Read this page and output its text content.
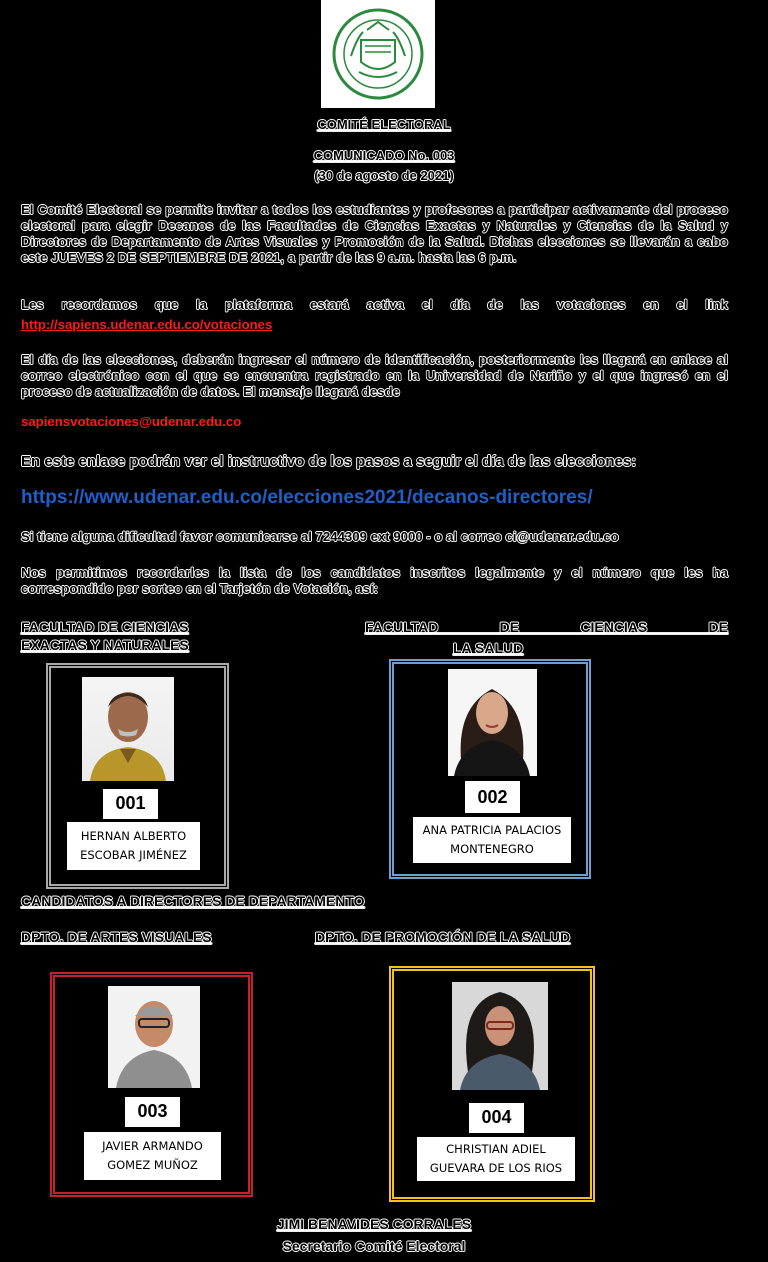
COMITÉ ELECTORAL
COMUNICADO No. 003
(30 de agosto de 2021)
El Comité Electoral se permite invitar a todos los estudiantes y profesores a participar activamente del proceso electoral para elegir Decanos de las Facultades de Ciencias Exactas y Naturales y Ciencias de la Salud y Directores de Departamento de Artes Visuales y Promoción de la Salud. Dichas elecciones se llevarán a cabo este JUEVES 2 DE SEPTIEMBRE DE 2021, a partir de las 9 a.m. hasta las 6 p.m.
Les recordamos que la plataforma estará activa el día de las votaciones en el link
http://sapiens.udenar.edu.co/votaciones
El día de las elecciones, deberán ingresar el número de identificación, posteriormente les llegará en enlace al correo electrónico con el que se encuentra registrado en la Universidad de Nariño y el que ingresó en el proceso de actualización de datos. El mensaje llegará desde
sapiensvotaciones@udenar.edu.co
En este enlace podrán ver el instructivo de los pasos a seguir el día de las elecciones:
https://www.udenar.edu.co/elecciones2021/decanos-directores/
Si tiene alguna dificultad favor comunicarse al 7244309 ext 9000 - o al correo ci@udenar.edu.co
Nos permitimos recordarles la lista de los candidatos inscritos legalmente y el número que les ha correspondido por sorteo en el Tarjetón de Votación, así:
FACULTAD DE CIENCIAS
EXACTAS Y NATURALES
FACULTAD DE CIENCIAS DE
LA SALUD
001
HERNAN ALBERTO
ESCOBAR JIMÉNEZ
002
ANA PATRICIA PALACIOS
MONTENEGRO
CANDIDATOS A DIRECTORES DE DEPARTAMENTO
DPTO. DE ARTES VISUALES	DPTO. DE PROMOCIÓN DE LA SALUD
003
JAVIER ARMANDO
GOMEZ MUÑOZ
004
CHRISTIAN ADIEL
GUEVARA DE LOS RIOS
JIMI BENAVIDES CORRALES
Secretario Comité Electoral
